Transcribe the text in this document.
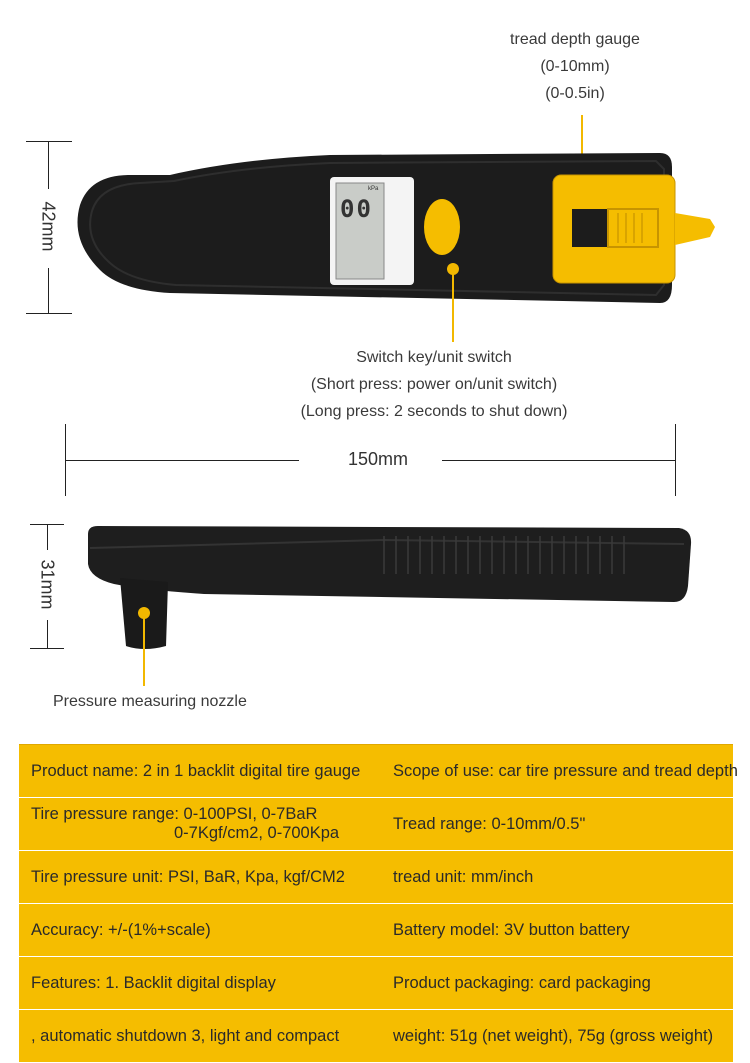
tread depth gauge
(0-10mm)
(0-0.5in)
42mm	0 0
kPa
ON/UNIT/OFF
Switch key/unit switch
(Short press: power on/unit switch)
(Long press: 2 seconds to shut down)
150mm
31mm
Pressure measuring nozzle
Product name: 2 in 1 backlit digital tire gauge	Scope of use: car tire pressure and tread depth

Tire pressure range: 0-100PSI, 0-7BaR
0-7Kgf/cm2, 0-700Kpa	Tread range: 0-10mm/0.5"
Tire pressure unit: PSI, BaR, Kpa, kgf/CM2	tread unit: mm/inch
Accuracy: +/-(1%+scale)	Battery model: 3V button battery
Features: 1. Backlit digital display	Product packaging: card packaging
, automatic shutdown 3, light and compact	weight: 51g (net weight), 75g (gross weight)
